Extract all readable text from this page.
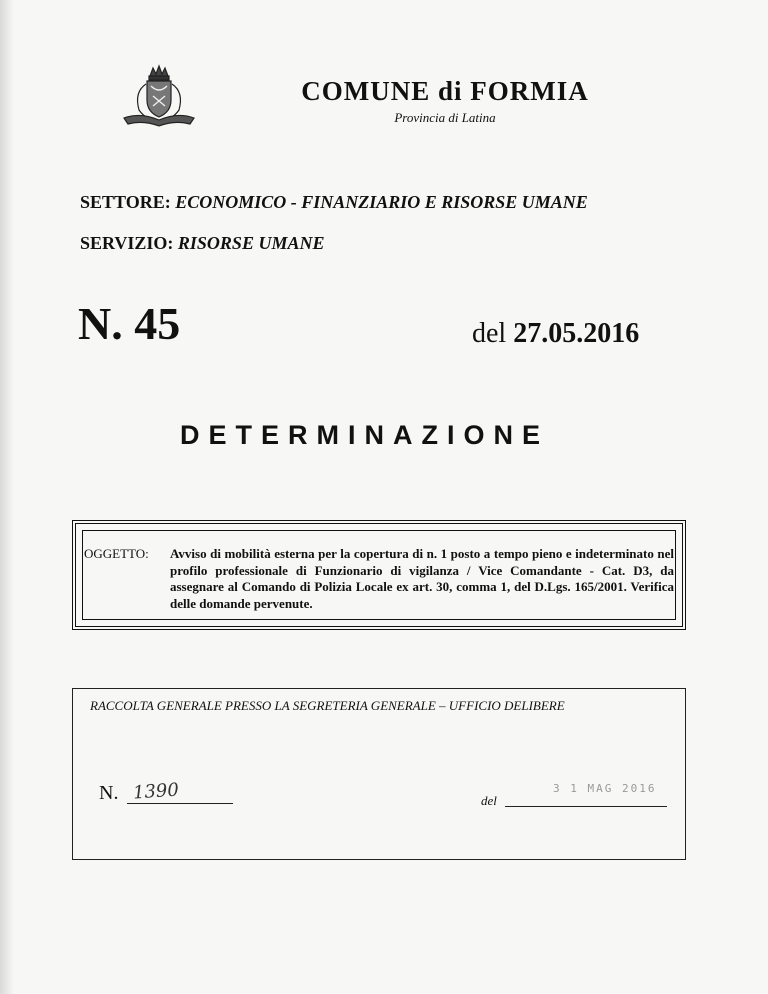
COMUNE di FORMIA
Provincia di Latina
SETTORE: ECONOMICO - FINANZIARIO E RISORSE UMANE
SERVIZIO: RISORSE UMANE
N. 45	del 27.05.2016
DETERMINAZIONE
OGGETTO: Avviso di mobilità esterna per la copertura di n. 1 posto a tempo pieno e indeterminato nel profilo professionale di Funzionario di vigilanza / Vice Comandante - Cat. D3, da assegnare al Comando di Polizia Locale ex art. 30, comma 1, del D.Lgs. 165/2001. Verifica delle domande pervenute.
RACCOLTA GENERALE PRESSO LA SEGRETERIA GENERALE – UFFICIO DELIBERE
N. 1390	del
3 1 MAG 2016
